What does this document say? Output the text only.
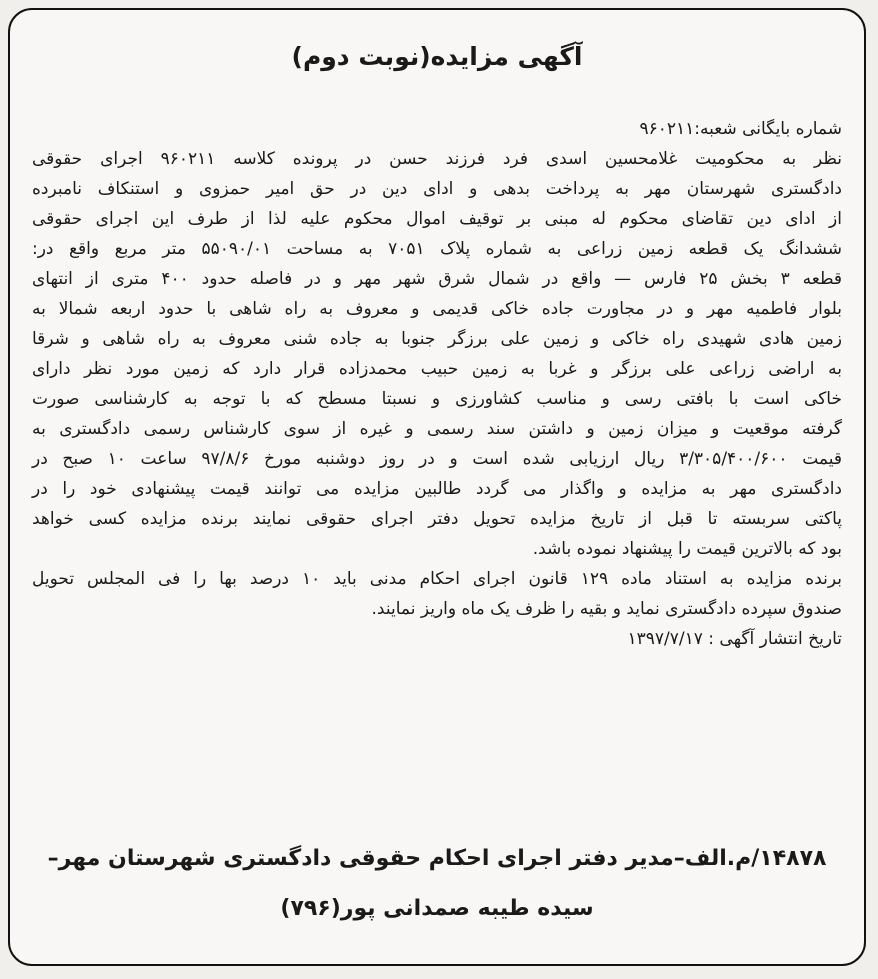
آگهی مزایده(نوبت دوم)
شماره بایگانی شعبه:۹۶۰۲۱۱
نظر به محکومیت غلامحسین اسدی فرد فرزند حسن در پرونده کلاسه ۹۶۰۲۱۱ اجرای حقوقی
دادگستری شهرستان مهر به پرداخت بدهی و ادای دین در حق امیر حمزوی و استنکاف نامبرده
از ادای دین تقاضای محکوم له مبنی بر توقیف اموال محکوم علیه لذا از طرف این اجرای حقوقی
ششدانگ یک قطعه زمین زراعی به شماره پلاک ۷۰۵۱ به مساحت ۵۵۰۹۰/۰۱ متر مربع واقع در:
قطعه ۳ بخش ۲۵ فارس — واقع در شمال شرق شهر مهر و در فاصله حدود ۴۰۰ متری از انتهای
بلوار فاطمیه مهر و در مجاورت جاده خاکی قدیمی و معروف به راه شاهی با حدود اربعه شمالا به
زمین هادی شهیدی راه خاکی و زمین علی برزگر جنوبا به جاده شنی معروف به راه شاهی و شرقا
به اراضی زراعی علی برزگر و غربا به زمین حبیب محمدزاده قرار دارد که زمین مورد نظر دارای
خاکی است با بافتی رسی و مناسب کشاورزی و نسبتا مسطح که با توجه به کارشناسی صورت
گرفته موقعیت و میزان زمین و داشتن سند رسمی و غیره از سوی کارشناس رسمی دادگستری به
قیمت ۳/۳۰۵/۴۰۰/۶۰۰ ریال ارزیابی شده است و در روز دوشنبه مورخ ۹۷/۸/۶ ساعت ۱۰ صبح در
دادگستری مهر به مزایده و واگذار می گردد طالبین مزایده می توانند قیمت پیشنهادی خود را در
پاکتی سربسته تا قبل از تاریخ مزایده تحویل دفتر اجرای حقوقی نمایند برنده مزایده کسی خواهد
بود که بالاترین قیمت را پیشنهاد نموده باشد.
برنده مزایده به استناد ماده ۱۲۹ قانون اجرای احکام مدنی باید ۱۰ درصد بها را فی المجلس تحویل
صندوق سپرده دادگستری نماید و بقیه را ظرف یک ماه واریز نمایند.
تاریخ انتشار آگهی : ۱۳۹۷/۷/۱۷
۱۴۸۷۸/م.الف–مدیر دفتر اجرای احکام حقوقی دادگستری شهرستان مهر–
سیده طیبه صمدانی پور(۷۹۶)
